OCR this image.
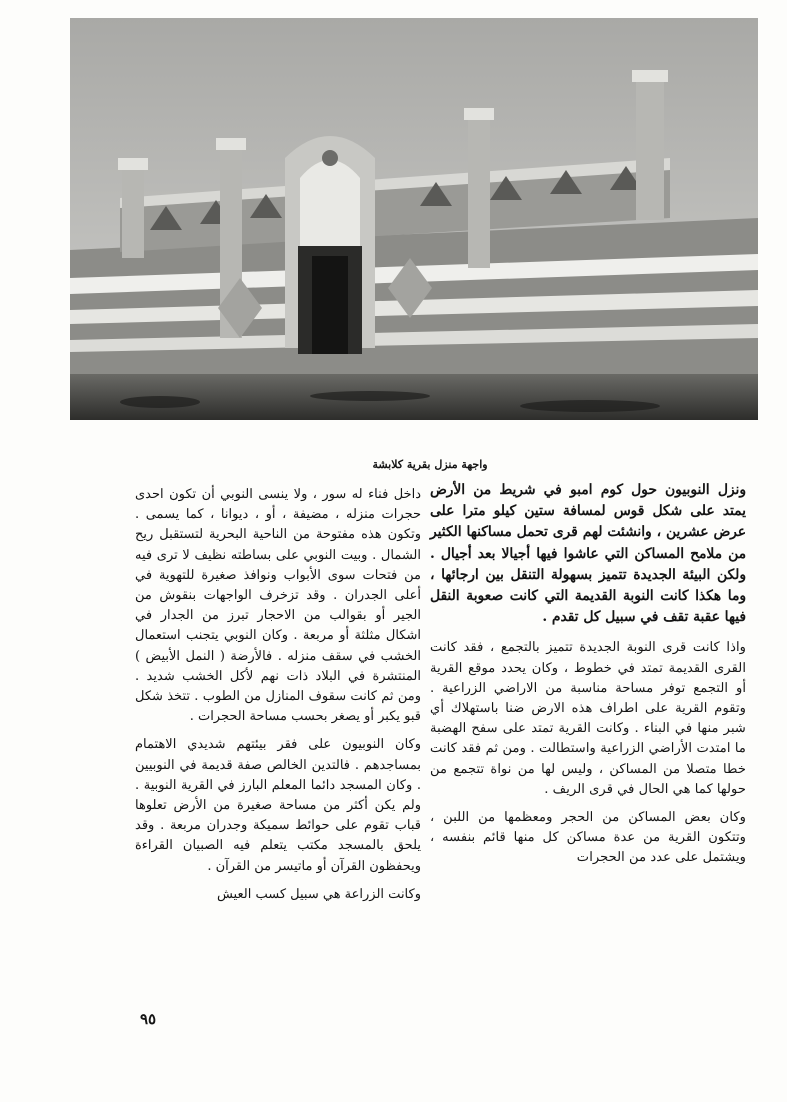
واجهة منزل بقرية كلابشة

ونزل النوبيون حول كوم امبو في شريط من الأرض يمتد على شكل قوس لمسافة ستين كيلو مترا على عرض عشرين ، وانشئت لهم قرى تحمل مساكنها الكثير من ملامح المساكن التي عاشوا فيها أجيالا بعد أجيال . ولكن البيئة الجديدة تتميز بسهولة التنقل بين ارجائها ، وما هكذا كانت النوبة القديمة التي كانت صعوبة النقل فيها عقبة تقف في سبيل كل تقدم .

واذا كانت قرى النوبة الجديدة تتميز بالتجمع ، فقد كانت القرى القديمة تمتد في خطوط ، وكان يحدد موقع القرية أو التجمع توفر مساحة مناسبة من الاراضي الزراعية . وتقوم القرية على اطراف هذه الارض ضنا باستهلاك أي شبر منها في البناء . وكانت القرية تمتد على سفح الهضبة ما امتدت الأراضي الزراعية واستطالت . ومن ثم فقد كانت خطا متصلا من المساكن ، وليس لها من نواة تتجمع من حولها كما هي الحال في قرى الريف .

وكان بعض المساكن من الحجر ومعظمها من اللبن ، وتتكون القرية من عدة مساكن كل منها قائم بنفسه ، ويشتمل على عدد من الحجرات

داخل فناء له سور ، ولا ينسى النوبي أن تكون احدى حجرات منزله ، مضيفة ، أو ، ديوانا ، كما يسمى . وتكون هذه مفتوحة من الناحية البحرية لتستقبل ريح الشمال . وبيت النوبي على بساطته نظيف لا ترى فيه من فتحات سوى الأبواب ونوافذ صغيرة للتهوية في أعلى الجدران . وقد تزخرف الواجهات بنقوش من الجير أو بقوالب من الاحجار تبرز من الجدار في اشكال مثلثة أو مربعة . وكان النوبي يتجنب استعمال الخشب في سقف منزله . فالأرضة ( النمل الأبيض ) المنتشرة في البلاد ذات نهم لأكل الخشب شديد . ومن ثم كانت سقوف المنازل من الطوب . تتخذ شكل قبو يكبر أو يصغر بحسب مساحة الحجرات .

وكان النوبيون على فقر بيئتهم شديدي الاهتمام بمساجدهم . فالتدين الخالص صفة قديمة في النوبيين . وكان المسجد دائما المعلم البارز في القرية النوبية . ولم يكن أكثر من مساحة صغيرة من الأرض تعلوها قباب تقوم على حوائط سميكة وجدران مربعة . وقد يلحق بالمسجد مكتب يتعلم فيه الصبيان القراءة ويحفظون القرآن أو ماتيسر من القرآن .

وكانت الزراعة هي سبيل كسب العيش

٩٥
